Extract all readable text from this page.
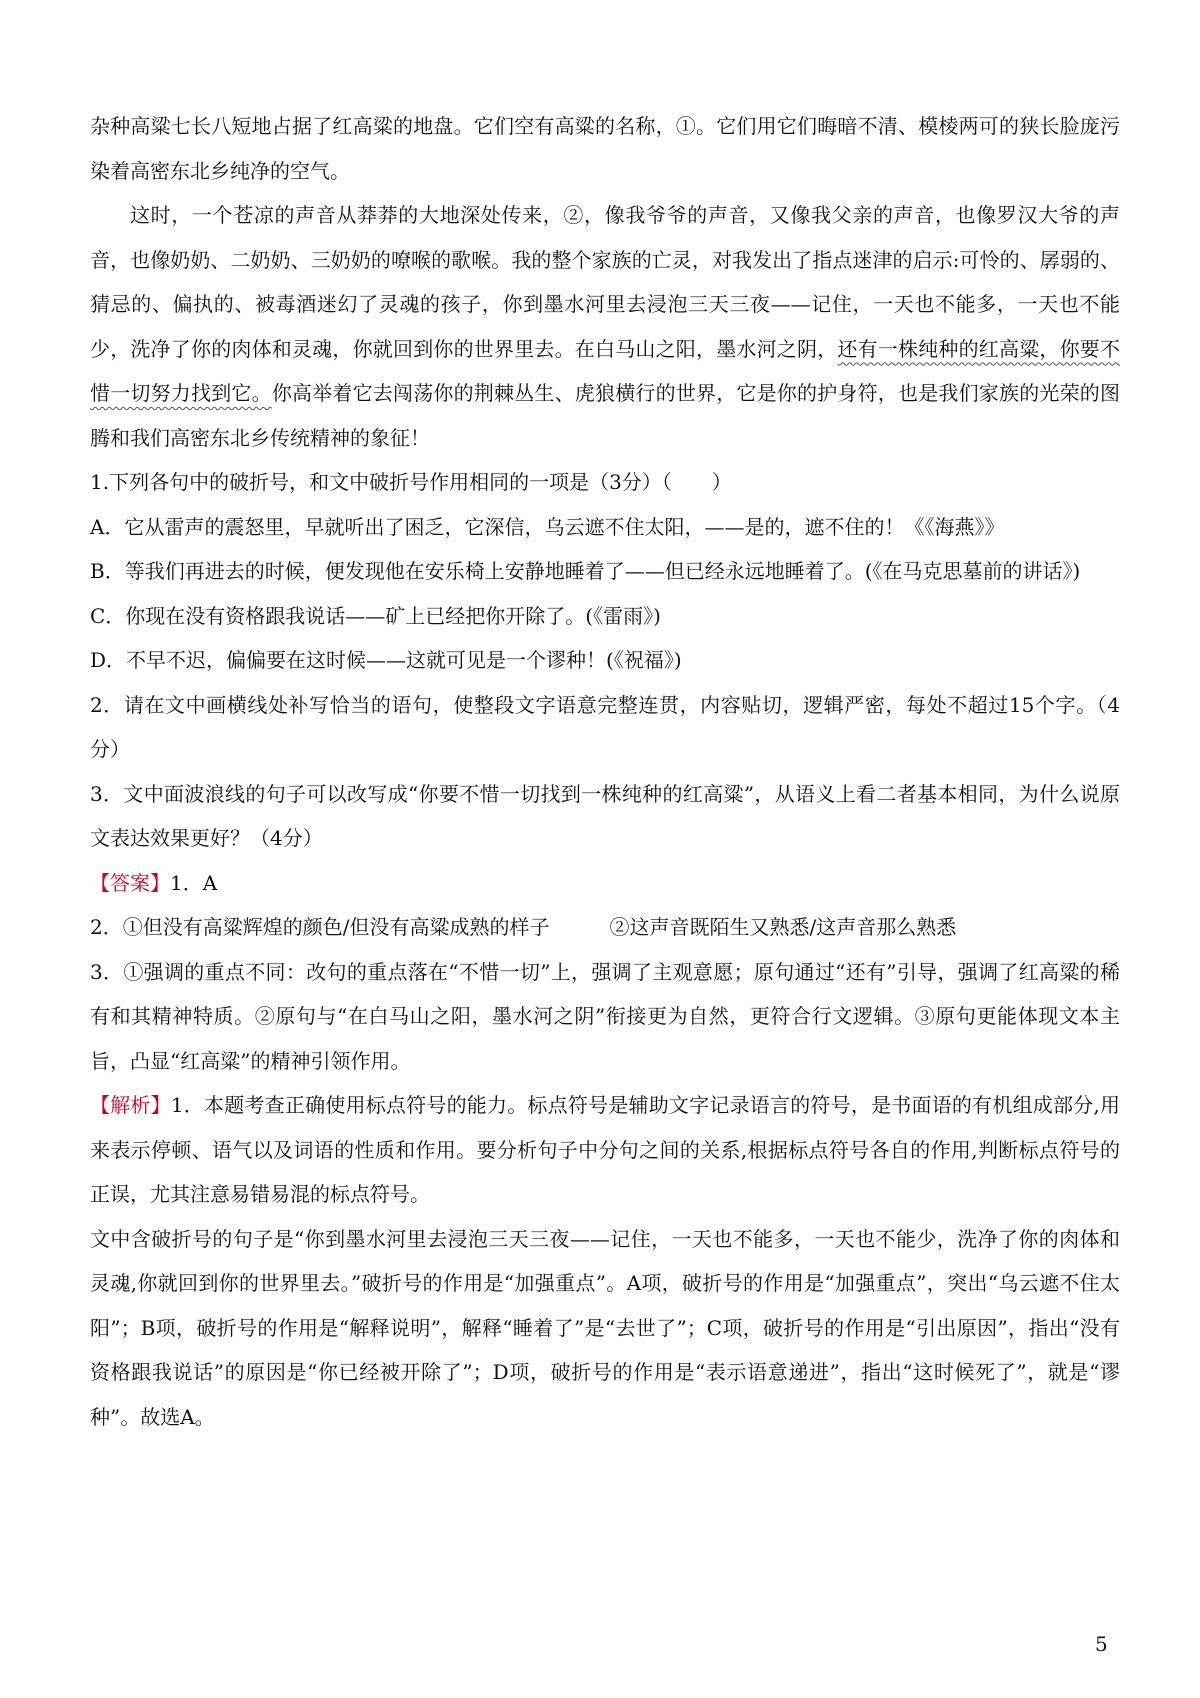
杂种高粱七长八短地占据了红高粱的地盘。它们空有高粱的名称，①。它们用它们晦暗不清、模棱两可的狭长脸庞污染着高密东北乡纯净的空气。

这时，一个苍凉的声音从莽莽的大地深处传来，②，像我爷爷的声音，又像我父亲的声音，也像罗汉大爷的声音，也像奶奶、二奶奶、三奶奶的嘹喉的歌喉。我的整个家族的亡灵，对我发出了指点迷津的启示:可怜的、孱弱的、猜忌的、偏执的、被毒酒迷幻了灵魂的孩子，你到墨水河里去浸泡三天三夜——记住，一天也不能多，一天也不能少，洗净了你的肉体和灵魂，你就回到你的世界里去。在白马山之阳，墨水河之阴，还有一株纯种的红高粱，你要不惜一切努力找到它。你高举着它去闯荡你的荆棘丛生、虎狼横行的世界，它是你的护身符，也是我们家族的光荣的图腾和我们高密东北乡传统精神的象征！

1.下列各句中的破折号，和文中破折号作用相同的一项是（3分）（　　）

A．它从雷声的震怒里，早就听出了困乏，它深信，乌云遮不住太阳，——是的，遮不住的！《《海燕》》

B．等我们再进去的时候，便发现他在安乐椅上安静地睡着了——但已经永远地睡着了。(《在马克思墓前的讲话》)

C．你现在没有资格跟我说话——矿上已经把你开除了。(《雷雨》)

D．不早不迟，偏偏要在这时候——这就可见是一个谬种！(《祝福》)

2．请在文中画横线处补写恰当的语句，使整段文字语意完整连贯，内容贴切，逻辑严密，每处不超过15个字。（4分）

3．文中面波浪线的句子可以改写成“你要不惜一切找到一株纯种的红高粱”，从语义上看二者基本相同，为什么说原文表达效果更好？（4分）

【答案】1．A

2．①但没有高粱辉煌的颜色/但没有高粱成熟的样子	②这声音既陌生又熟悉/这声音那么熟悉

3．①强调的重点不同：改句的重点落在“不惜一切”上，强调了主观意愿；原句通过“还有”引导，强调了红高粱的稀有和其精神特质。②原句与“在白马山之阳，墨水河之阴”衔接更为自然，更符合行文逻辑。③原句更能体现文本主旨，凸显“红高粱”的精神引领作用。

【解析】1．本题考查正确使用标点符号的能力。标点符号是辅助文字记录语言的符号，是书面语的有机组成部分,用来表示停顿、语气以及词语的性质和作用。要分析句子中分句之间的关系,根据标点符号各自的作用,判断标点符号的正误，尤其注意易错易混的标点符号。

文中含破折号的句子是“你到墨水河里去浸泡三天三夜——记住，一天也不能多，一天也不能少，洗净了你的肉体和灵魂,你就回到你的世界里去。”破折号的作用是“加强重点”。A项，破折号的作用是“加强重点”，突出“乌云遮不住太阳”；B项，破折号的作用是“解释说明”，解释“睡着了”是“去世了”；C项，破折号的作用是“引出原因”，指出“没有资格跟我说话”的原因是“你已经被开除了”；D项，破折号的作用是“表示语意递进”，指出“这时候死了”，就是“谬种”。故选A。

5
